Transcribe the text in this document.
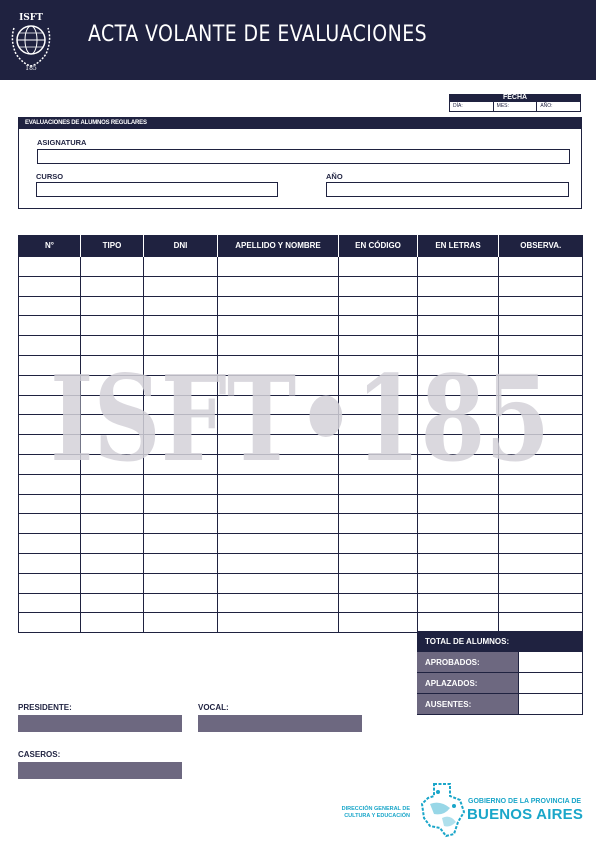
ISFT
185
ACTA VOLANTE DE EVALUACIONES
FECHA
DÍA:	MES:	AÑO:
EVALUACIONES DE ALUMNOS REGULARES
ASIGNATURA
CURSO	AÑO
N°	TIPO	DNI	APELLIDO Y NOMBRE	EN CÓDIGO	EN LETRAS	OBSERVA.

ISFT•185
TOTAL DE ALUMNOS:
APROBADOS:
APLAZADOS:
AUSENTES:
PRESIDENTE:	VOCAL:
CASEROS:
DIRECCIÓN GENERAL DE
CULTURA Y EDUCACIÓN
GOBIERNO DE LA PROVINCIA DE
BUENOS AIRES
